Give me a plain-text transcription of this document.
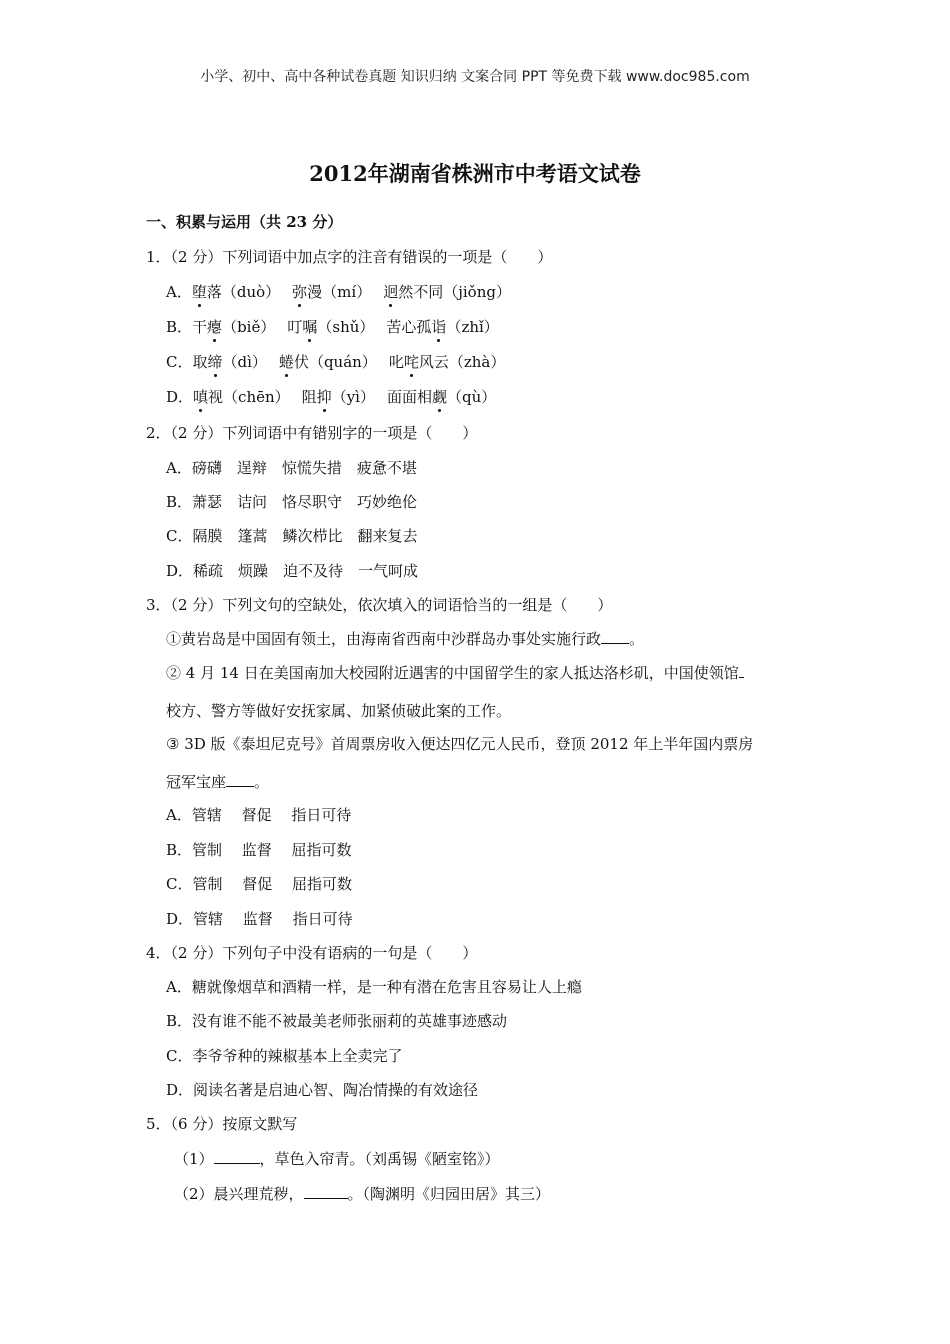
小学、初中、高中各种试卷真题 知识归纳 文案合同 PPT 等免费下载 www.doc985.com
2012年湖南省株洲市中考语文试卷
一、积累与运用（共 23 分）
1．（2 分）下列词语中加点字的注音有错误的一项是（　　）
A．堕落（duò） 弥漫（mí） 迥然不同（jiǒng）
B．干瘪（biě） 叮嘱（shǔ） 苦心孤诣（zhǐ）
C．取缔（dì） 蜷伏（quán） 叱咤风云（zhà）
D．嗔视（chēn） 阻抑（yì） 面面相觑（qù）
2．（2 分）下列词语中有错别字的一项是（　　）
A．磅礴　逞辩　惊慌失措　疲惫不堪
B．萧瑟　诘问　恪尽职守　巧妙绝伦
C．隔膜　篷蒿　鳞次栉比　翻来复去
D．稀疏　烦躁　迫不及待　一气呵成
3．（2 分）下列文句的空缺处，依次填入的词语恰当的一组是（　　）
①黄岩岛是中国固有领土，由海南省西南中沙群岛办事处实施行政 。
② 4 月 14 日在美国南加大校园附近遇害的中国留学生的家人抵达洛杉矶，中国使领馆
校方、警方等做好安抚家属、加紧侦破此案的工作。
③ 3D 版《泰坦尼克号》首周票房收入便达四亿元人民币，登顶 2012 年上半年国内票房
冠军宝座 。
A．管辖　 督促　 指日可待
B．管制　 监督　 屈指可数
C．管制　 督促　 屈指可数
D．管辖　 监督　 指日可待
4．（2 分）下列句子中没有语病的一句是（　　）
A．糖就像烟草和酒精一样，是一种有潜在危害且容易让人上瘾
B．没有谁不能不被最美老师张丽莉的英雄事迹感动
C．李爷爷种的辣椒基本上全卖完了
D．阅读名著是启迪心智、陶冶情操的有效途径
5．（6 分）按原文默写
（1）	，草色入帘青。（刘禹锡《陋室铭》）
（2）晨兴理荒秽，	。（陶渊明《归园田居》其三）
